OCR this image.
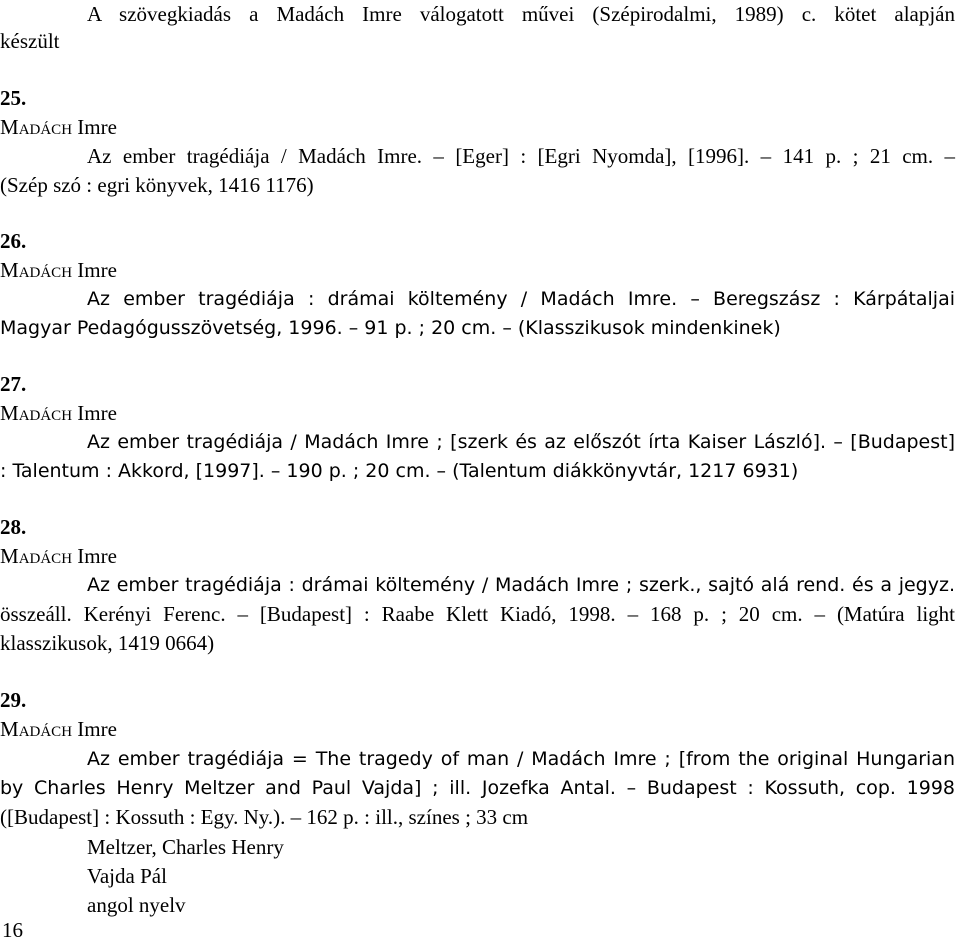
A szövegkiadás a Madách Imre válogatott művei (Szépirodalmi, 1989) c. kötet alapján
készült
25.
MADÁCH Imre
Az ember tragédiája / Madách Imre. – [Eger] : [Egri Nyomda], [1996]. – 141 p. ; 21 cm. –
(Szép szó : egri könyvek, 1416 1176)
26.
MADÁCH Imre
Az ember tragédiája : drámai költemény / Madách Imre. – Beregszász : Kárpátaljai
Magyar Pedagógusszövetség, 1996. – 91 p. ; 20 cm. – (Klasszikusok mindenkinek)
27.
MADÁCH Imre
Az ember tragédiája / Madách Imre ; [szerk és az előszót írta Kaiser László]. – [Budapest]
: Talentum : Akkord, [1997]. – 190 p. ; 20 cm. – (Talentum diákkönyvtár, 1217 6931)
28.
MADÁCH Imre
Az ember tragédiája : drámai költemény / Madách Imre ; szerk., sajtó alá rend. és a jegyz.
összeáll. Kerényi Ferenc. – [Budapest] : Raabe Klett Kiadó, 1998. – 168 p. ; 20 cm. – (Matúra light
klasszikusok, 1419 0664)
29.
MADÁCH Imre
Az ember tragédiája = The tragedy of man / Madách Imre ; [from the original Hungarian
by Charles Henry Meltzer and Paul Vajda] ; ill. Jozefka Antal. – Budapest : Kossuth, cop. 1998
([Budapest] : Kossuth : Egy. Ny.). – 162 p. : ill., színes ; 33 cm
Meltzer, Charles Henry
Vajda Pál
angol nyelv
16
